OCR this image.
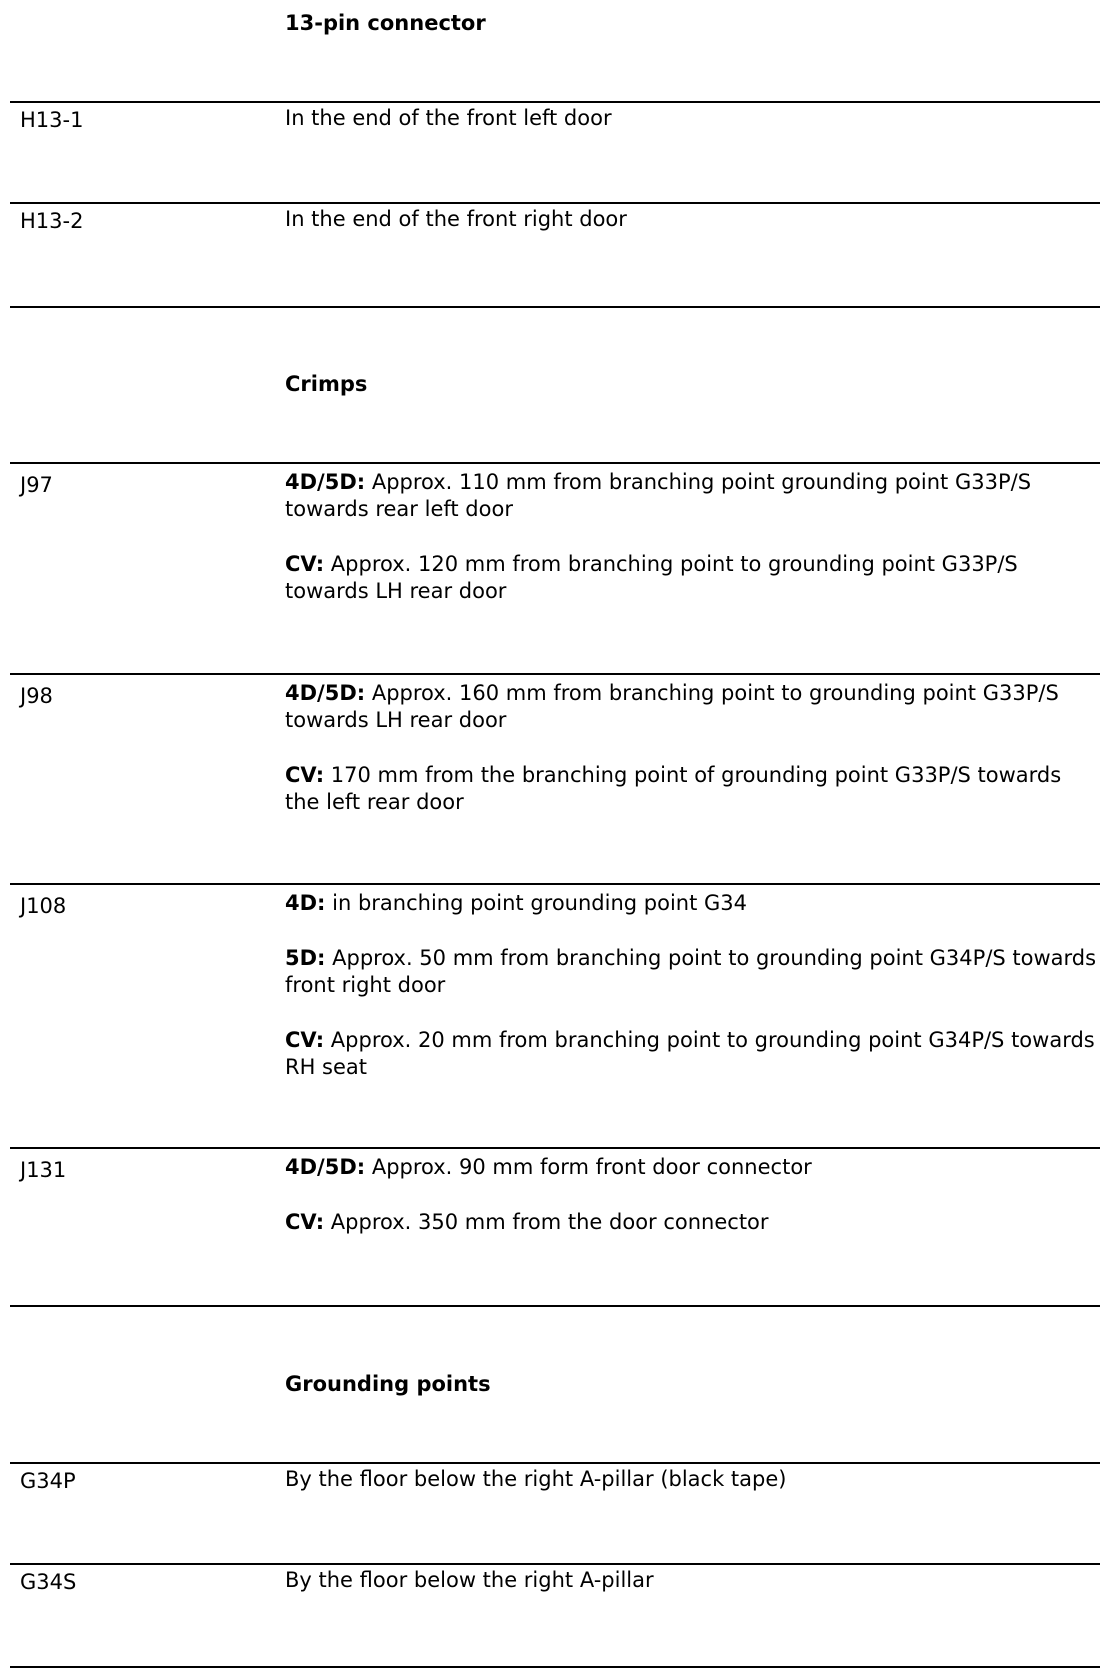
13-pin connector
H13-1	In the end of the front left door
H13-2	In the end of the front right door
Crimps
J97	4D/5D: Approx. 110 mm from branching point grounding point G33P/S towards rear left door
CV: Approx. 120 mm from branching point to grounding point G33P/S towards LH rear door
J98	4D/5D: Approx. 160 mm from branching point to grounding point G33P/S towards LH rear door
CV: 170 mm from the branching point of grounding point G33P/S towards the left rear door
J108	4D: in branching point grounding point G34
5D: Approx. 50 mm from branching point to grounding point G34P/S towards front right door
CV: Approx. 20 mm from branching point to grounding point G34P/S towards RH seat
J131	4D/5D: Approx. 90 mm form front door connector
CV: Approx. 350 mm from the door connector
Grounding points
G34P	By the floor below the right A-pillar (black tape)
G34S	By the floor below the right A-pillar
